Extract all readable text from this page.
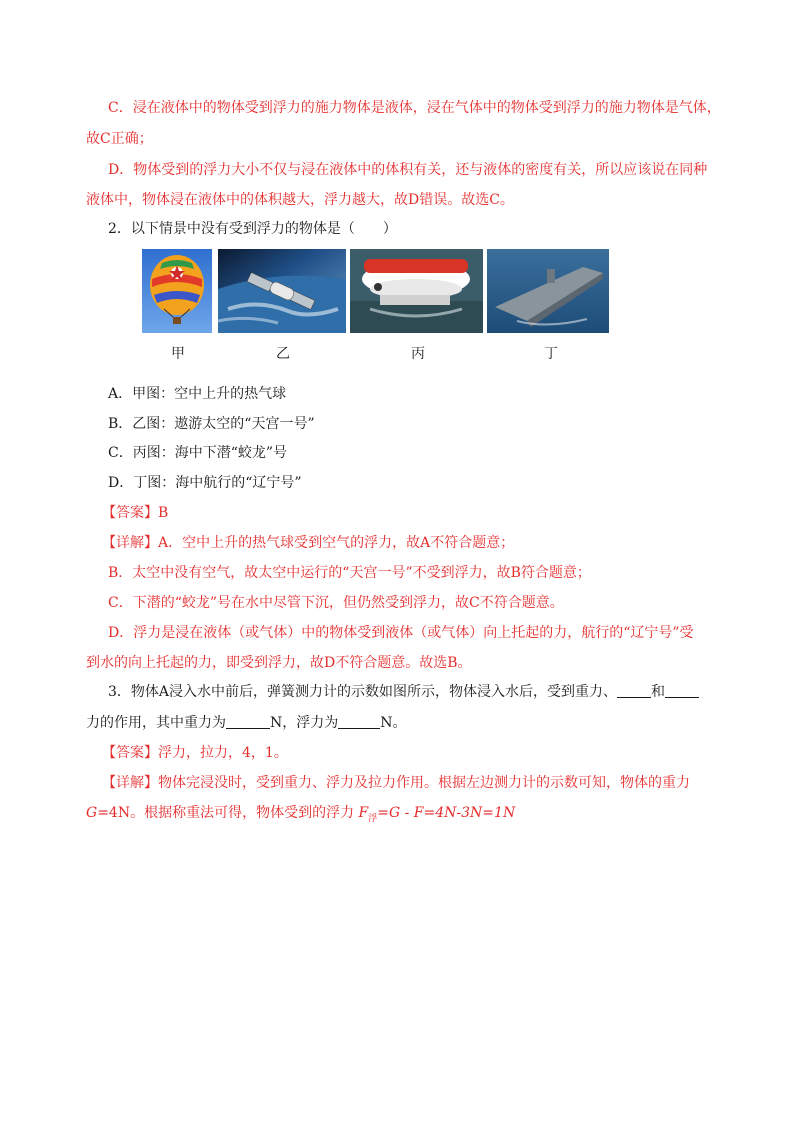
C．浸在液体中的物体受到浮力的施力物体是液体，浸在气体中的物体受到浮力的施力物体是气体，
故C正确；
D．物体受到的浮力大小不仅与浸在液体中的体积有关，还与液体的密度有关，所以应该说在同种
液体中，物体浸在液体中的体积越大，浮力越大，故D错误。故选C。
2．以下情景中没有受到浮力的物体是（　　）
甲	乙	丙	丁
A．甲图：空中上升的热气球
B．乙图：遨游太空的“天宫一号”
C．丙图：海中下潜“蛟龙”号
D．丁图：海中航行的“辽宁号”
【答案】B
【详解】A．空中上升的热气球受到空气的浮力，故A不符合题意；
B．太空中没有空气，故太空中运行的“天宫一号”不受到浮力，故B符合题意；
C．下潜的“蛟龙”号在水中尽管下沉，但仍然受到浮力，故C不符合题意。
D．浮力是浸在液体（或气体）中的物体受到液体（或气体）向上托起的力，航行的“辽宁号”受
到水的向上托起的力，即受到浮力，故D不符合题意。故选B。
3．物体A浸入水中前后，弹簧测力计的示数如图所示，物体浸入水后，受到重力、 和
力的作用，其中重力为	N，浮力为	N。
【答案】浮力，拉力，4，1。
【详解】物体完浸没时，受到重力、浮力及拉力作用。根据左边测力计的示数可知，物体的重力
G=4N。根据称重法可得，物体受到的浮力 $F_浮=G - F=4N-3N=1N$
